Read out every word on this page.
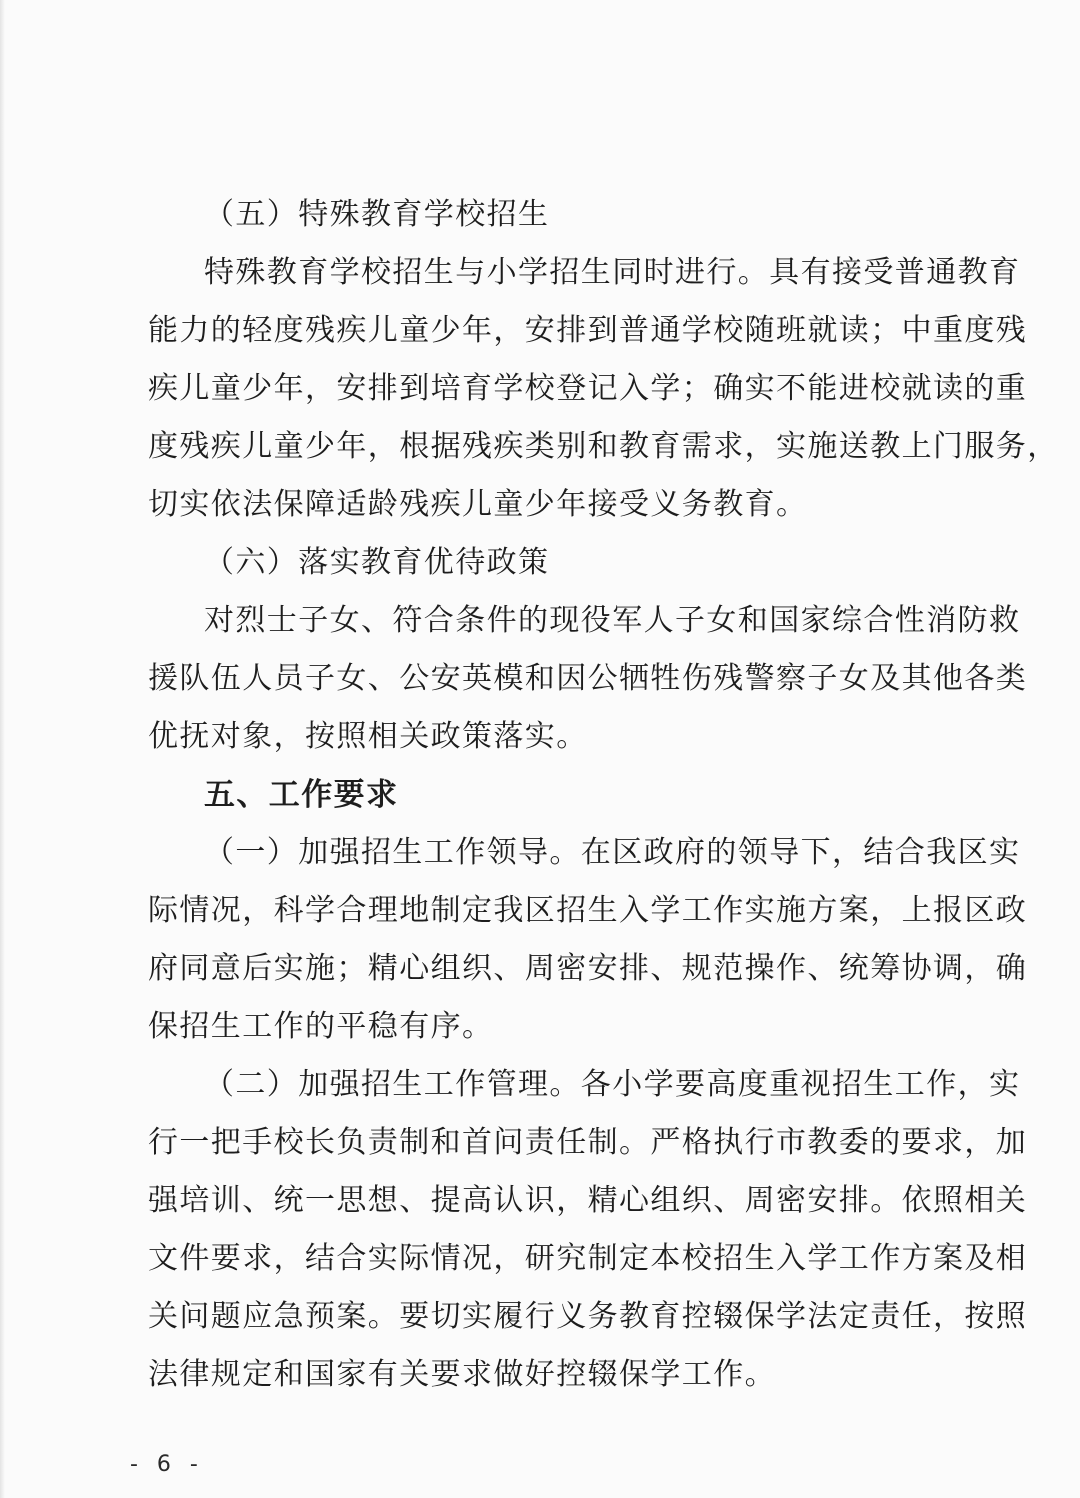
（五）特殊教育学校招生
特殊教育学校招生与小学招生同时进行。具有接受普通教育
能力的轻度残疾儿童少年，安排到普通学校随班就读；中重度残
疾儿童少年，安排到培育学校登记入学；确实不能进校就读的重
度残疾儿童少年，根据残疾类别和教育需求，实施送教上门服务，
切实依法保障适龄残疾儿童少年接受义务教育。
（六）落实教育优待政策
对烈士子女、符合条件的现役军人子女和国家综合性消防救
援队伍人员子女、公安英模和因公牺牲伤残警察子女及其他各类
优抚对象，按照相关政策落实。
五、工作要求
（一）加强招生工作领导。在区政府的领导下，结合我区实
际情况，科学合理地制定我区招生入学工作实施方案，上报区政
府同意后实施；精心组织、周密安排、规范操作、统筹协调，确
保招生工作的平稳有序。
（二）加强招生工作管理。各小学要高度重视招生工作，实
行一把手校长负责制和首问责任制。严格执行市教委的要求，加
强培训、统一思想、提高认识，精心组织、周密安排。依照相关
文件要求，结合实际情况，研究制定本校招生入学工作方案及相
关问题应急预案。要切实履行义务教育控辍保学法定责任，按照
法律规定和国家有关要求做好控辍保学工作。
- 6 -
